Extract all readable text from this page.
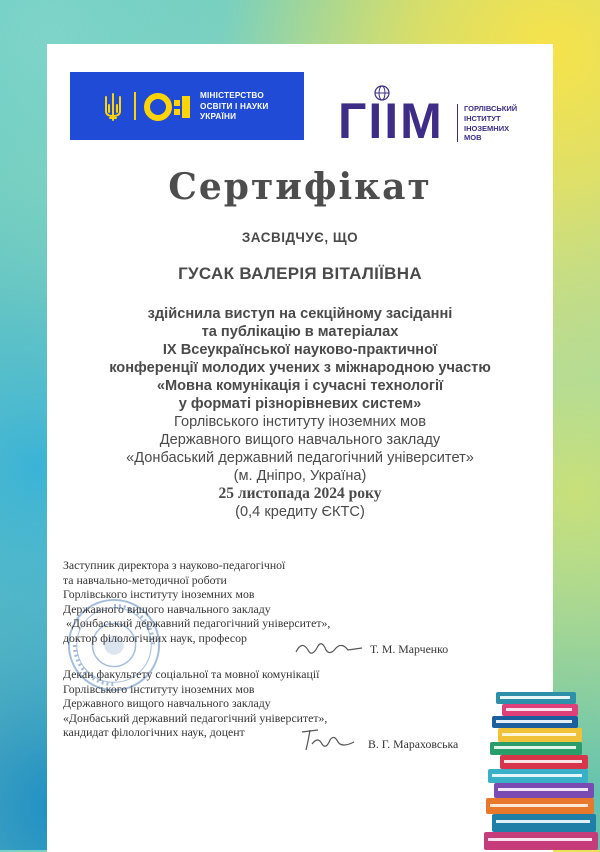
МІНІСТЕРСТВО
ОСВІТИ І НАУКИ
УКРАЇНИ	ГІІМ	ГОРЛІВСЬКИЙ
ІНСТИТУТ
ІНОЗЕМНИХ
МОВ
Сертифікат
ЗАСВІДЧУЄ, ЩО
ГУСАК ВАЛЕРІЯ ВІТАЛІЇВНА
здійснила виступ на секційному засіданні
та публікацію в матеріалах
IX Всеукраїнської науково-практичної
конференції молодих учених з міжнародною участю
«Мовна комунікація і сучасні технології
у форматі різнорівневих систем»
Горлівського інституту іноземних мов
Державного вищого навчального закладу
«Донбаський державний педагогічний університет»
(м. Дніпро, Україна)
25 листопада 2024 року
(0,4 кредиту ЄКТС)
Заступник директора з науково-педагогічної
та навчально-методичної роботи
Горлівського інституту іноземних мов
Державного вищого навчального закладу
«Донбаський державний педагогічний університет»,
доктор філологічних наук, професор
Т. М. Марченко
Декан факультету соціальної та мовної комунікації
Горлівського інституту іноземних мов
Державного вищого навчального закладу
«Донбаський державний педагогічний університет»,
кандидат філологічних наук, доцент
В. Г. Мараховська
